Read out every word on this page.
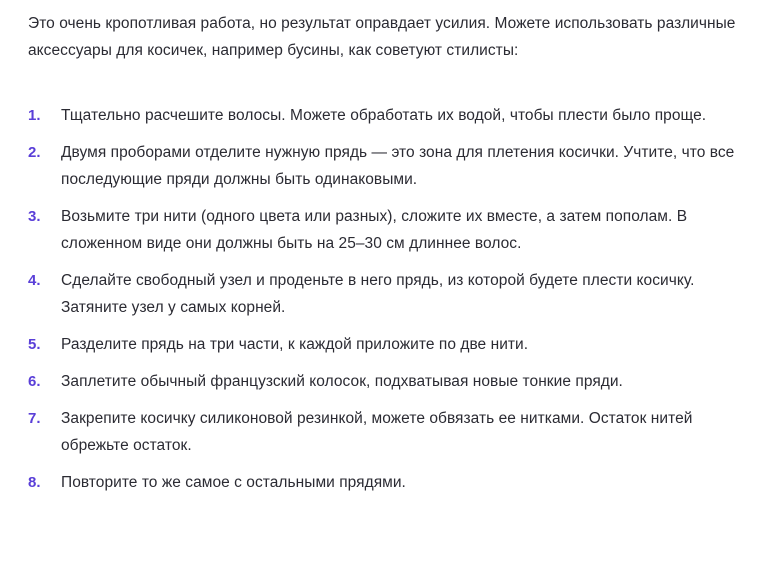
Это очень кропотливая работа, но результат оправдает усилия. Можете использовать различные аксессуары для косичек, например бусины, как советуют стилисты:

1.	Тщательно расчешите волосы. Можете обработать их водой, чтобы плести было проще.
2.	Двумя проборами отделите нужную прядь — это зона для плетения косички. Учтите, что все последующие пряди должны быть одинаковыми.
3.	Возьмите три нити (одного цвета или разных), сложите их вместе, а затем пополам. В сложенном виде они должны быть на 25–30 см длиннее волос.
4.	Сделайте свободный узел и проденьте в него прядь, из которой будете плести косичку. Затяните узел у самых корней.
5.	Разделите прядь на три части, к каждой приложите по две нити.
6.	Заплетите обычный французский колосок, подхватывая новые тонкие пряди.
7.	Закрепите косичку силиконовой резинкой, можете обвязать ее нитками. Остаток нитей обрежьте остаток.
8.	Повторите то же самое с остальными прядями.
